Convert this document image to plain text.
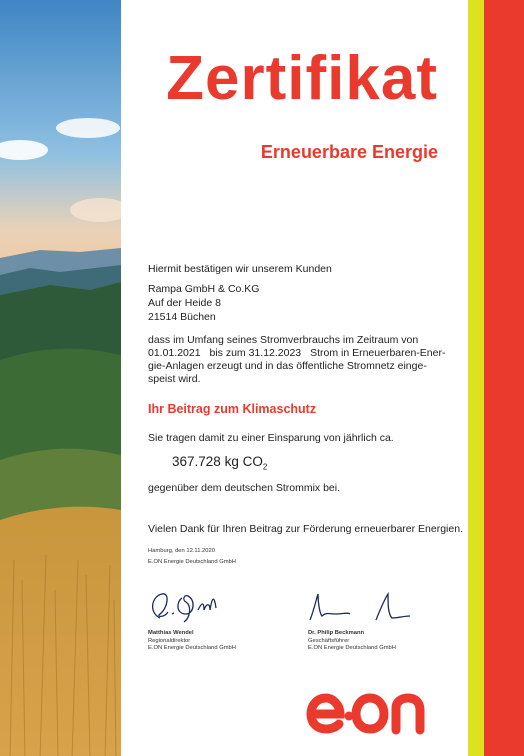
Zertifikat
Erneuerbare Energie
Hiermit bestätigen wir unserem Kunden
Rampa GmbH & Co.KG
Auf der Heide 8
21514 Büchen
dass im Umfang seines Stromverbrauchs im Zeitraum von
01.01.2021 bis zum 31.12.2023 Strom in Erneuerbaren-Ener-
gie-Anlagen erzeugt und in das öffentliche Stromnetz einge-
speist wird.
Ihr Beitrag zum Klimaschutz
Sie tragen damit zu einer Einsparung von jährlich ca.
367.728 kg $CO_2$
gegenüber dem deutschen Strommix bei.
Vielen Dank für Ihren Beitrag zur Förderung erneuerbarer Energien.
Hamburg, den 12.11.2020
E.ON Energie Deutschland GmbH
Matthias Wendel
Regionaldirektor
E.ON Energie Deutschland GmbH
Dr. Philip Beckmann
Geschäftsführer
E.ON Energie Deutschland GmbH
